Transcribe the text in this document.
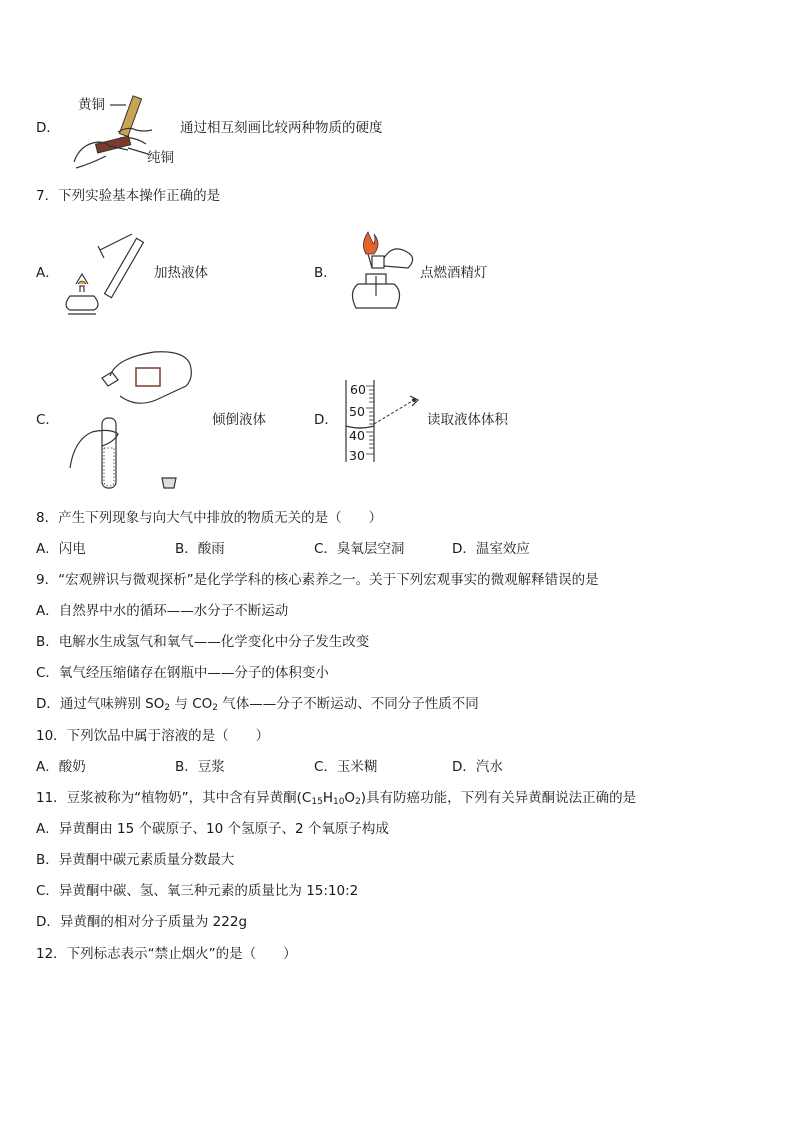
D．
黄铜
纯铜
通过相互刻画比较两种物质的硬度
7．下列实验基本操作正确的是
A．	加热液体	B．	点燃酒精灯
C．	倾倒液体	D．
60
50
40
30
读取液体体积
8．产生下列现象与向大气中排放的物质无关的是（　　）
A．闪电	B．酸雨	C．臭氧层空洞	D．温室效应
9．“宏观辨识与微观探析”是化学学科的核心素养之一。关于下列宏观事实的微观解释错误的是
A．自然界中水的循环——水分子不断运动
B．电解水生成氢气和氧气——化学变化中分子发生改变
C．氧气经压缩储存在钢瓶中——分子的体积变小
D．通过气味辨别 $SO_2$ 与 $CO_2$ 气体——分子不断运动、不同分子性质不同
10．下列饮品中属于溶液的是（　　）
A．酸奶	B．豆浆	C．玉米糊	D．汽水
11．豆浆被称为“植物奶”，其中含有异黄酮$(C_{15}H_{10}O_2)$具有防癌功能，下列有关异黄酮说法正确的是
A．异黄酮由 15 个碳原子、10 个氢原子、2 个氧原子构成
B．异黄酮中碳元素质量分数最大
C．异黄酮中碳、氢、氧三种元素的质量比为 15:10:2
D．异黄酮的相对分子质量为 222g
12．下列标志表示“禁止烟火”的是（　　）
